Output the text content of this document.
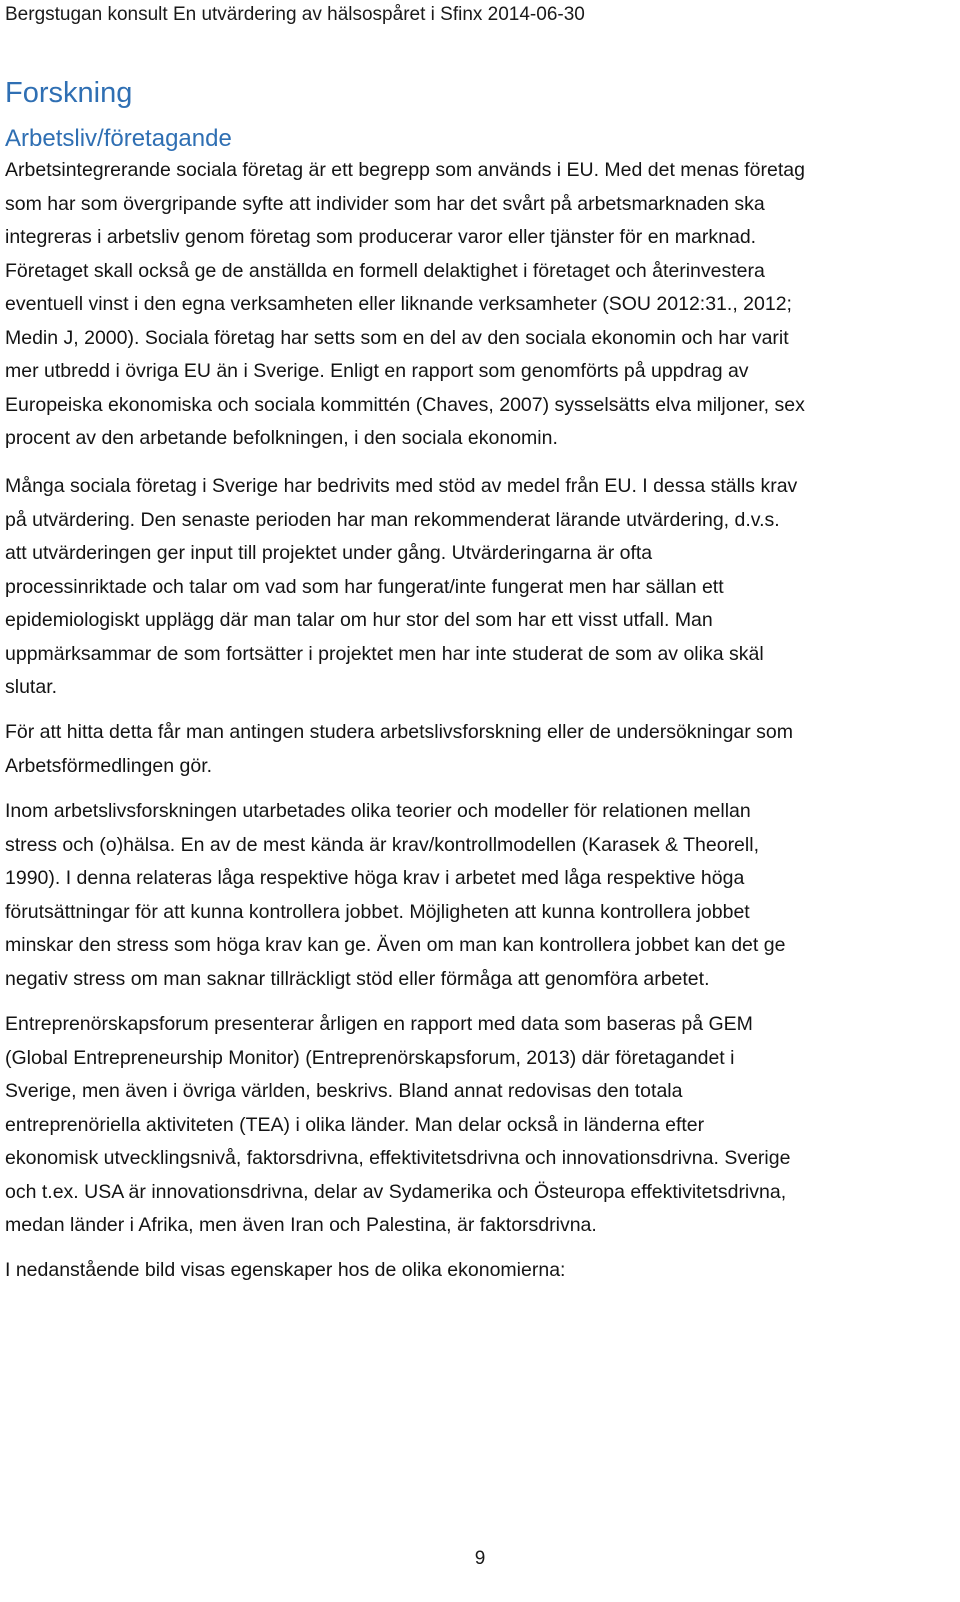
Bergstugan konsult En utvärdering av hälsospåret i Sfinx 2014-06-30
Forskning
Arbetsliv/företagande
Arbetsintegrerande sociala företag är ett begrepp som används i EU. Med det menas företag
som har som övergripande syfte att individer som har det svårt på arbetsmarknaden ska
integreras i arbetsliv genom företag som producerar varor eller tjänster för en marknad.
Företaget skall också ge de anställda en formell delaktighet i företaget och återinvestera
eventuell vinst i den egna verksamheten eller liknande verksamheter (SOU 2012:31., 2012;
Medin J, 2000). Sociala företag har setts som en del av den sociala ekonomin och har varit
mer utbredd i övriga EU än i Sverige. Enligt en rapport som genomförts på uppdrag av
Europeiska ekonomiska och sociala kommittén (Chaves, 2007) sysselsätts elva miljoner, sex
procent av den arbetande befolkningen, i den sociala ekonomin.
Många sociala företag i Sverige har bedrivits med stöd av medel från EU. I dessa ställs krav
på utvärdering. Den senaste perioden har man rekommenderat lärande utvärdering, d.v.s.
att utvärderingen ger input till projektet under gång. Utvärderingarna är ofta
processinriktade och talar om vad som har fungerat/inte fungerat men har sällan ett
epidemiologiskt upplägg där man talar om hur stor del som har ett visst utfall. Man
uppmärksammar de som fortsätter i projektet men har inte studerat de som av olika skäl
slutar.
För att hitta detta får man antingen studera arbetslivsforskning eller de undersökningar som
Arbetsförmedlingen gör.
Inom arbetslivsforskningen utarbetades olika teorier och modeller för relationen mellan
stress och (o)hälsa. En av de mest kända är krav/kontrollmodellen (Karasek & Theorell,
1990). I denna relateras låga respektive höga krav i arbetet med låga respektive höga
förutsättningar för att kunna kontrollera jobbet. Möjligheten att kunna kontrollera jobbet
minskar den stress som höga krav kan ge. Även om man kan kontrollera jobbet kan det ge
negativ stress om man saknar tillräckligt stöd eller förmåga att genomföra arbetet.
Entreprenörskapsforum presenterar årligen en rapport med data som baseras på GEM
(Global Entrepreneurship Monitor) (Entreprenörskapsforum, 2013) där företagandet i
Sverige, men även i övriga världen, beskrivs. Bland annat redovisas den totala
entreprenöriella aktiviteten (TEA) i olika länder. Man delar också in länderna efter
ekonomisk utvecklingsnivå, faktorsdrivna, effektivitetsdrivna och innovationsdrivna. Sverige
och t.ex. USA är innovationsdrivna, delar av Sydamerika och Östeuropa effektivitetsdrivna,
medan länder i Afrika, men även Iran och Palestina, är faktorsdrivna.
I nedanstående bild visas egenskaper hos de olika ekonomierna:
9
